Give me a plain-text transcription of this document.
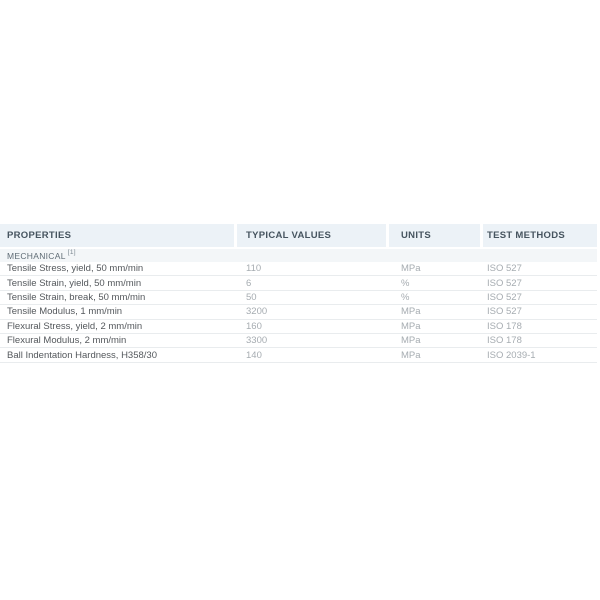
PROPERTIES	TYPICAL VALUES	UNITS	TEST METHODS
MECHANICAL [1]
Tensile Stress, yield, 50 mm/min	110	MPa	ISO 527
Tensile Strain, yield, 50 mm/min	6	%	ISO 527
Tensile Strain, break, 50 mm/min	50	%	ISO 527
Tensile Modulus, 1 mm/min	3200	MPa	ISO 527
Flexural Stress, yield, 2 mm/min	160	MPa	ISO 178
Flexural Modulus, 2 mm/min	3300	MPa	ISO 178
Ball Indentation Hardness, H358/30	140	MPa	ISO 2039-1
